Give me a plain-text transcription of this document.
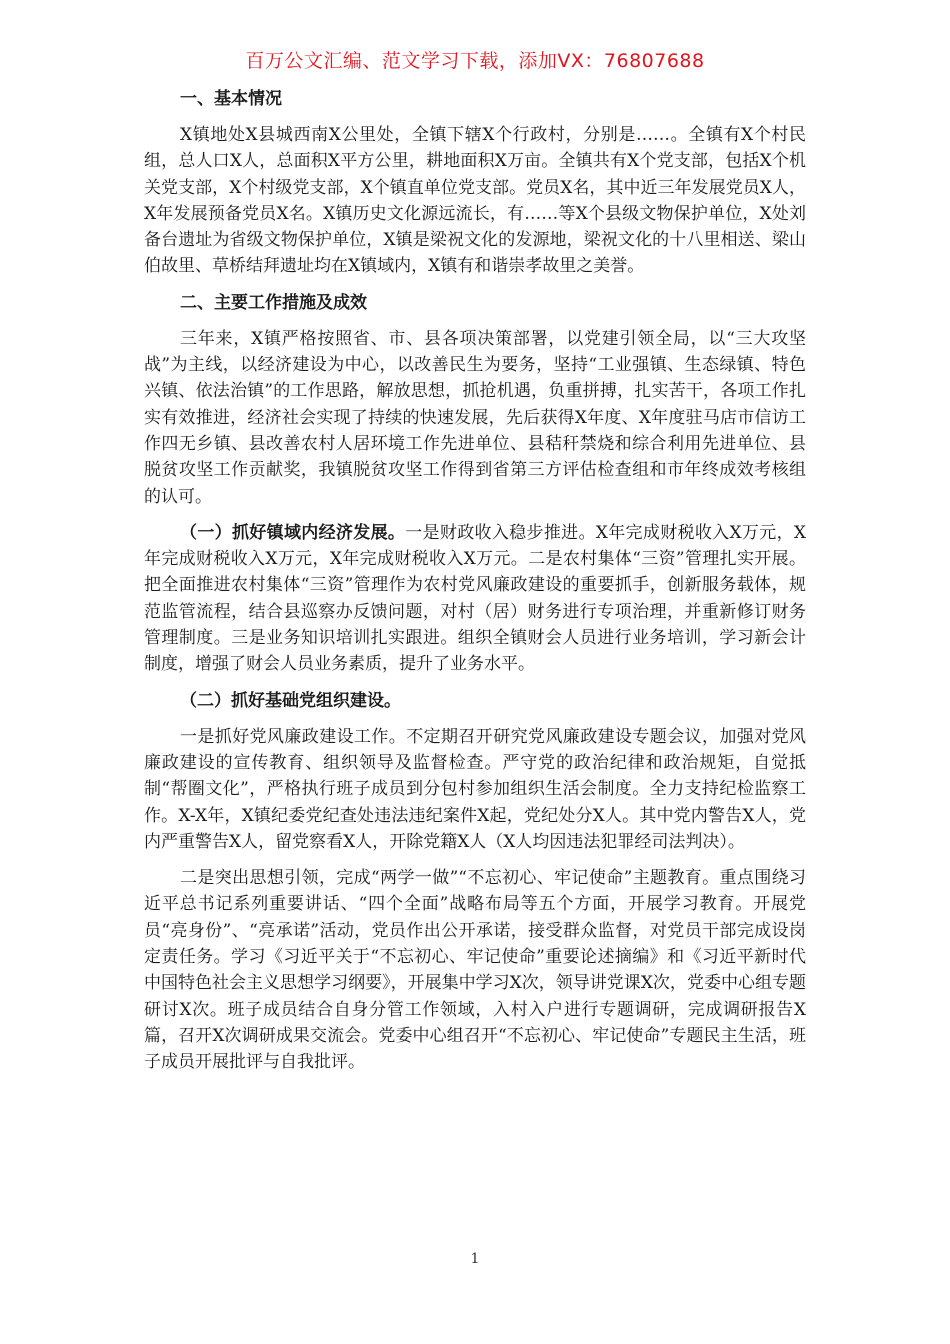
百万公文汇编、范文学习下载，添加VX：76807688

一、基本情况

X镇地处X县城西南X公里处，全镇下辖X个行政村，分别是……。全镇有X个村民组，总人口X人，总面积X平方公里，耕地面积X万亩。全镇共有X个党支部，包括X个机关党支部，X个村级党支部，X个镇直单位党支部。党员X名，其中近三年发展党员X人，X年发展预备党员X名。X镇历史文化源远流长，有……等X个县级文物保护单位，X处刘备台遗址为省级文物保护单位，X镇是梁祝文化的发源地，梁祝文化的十八里相送、梁山伯故里、草桥结拜遗址均在X镇域内，X镇有和谐崇孝故里之美誉。

二、主要工作措施及成效

三年来，X镇严格按照省、市、县各项决策部署，以党建引领全局，以“三大攻坚战”为主线，以经济建设为中心，以改善民生为要务，坚持“工业强镇、生态绿镇、特色兴镇、依法治镇”的工作思路，解放思想，抓抢机遇，负重拼搏，扎实苦干，各项工作扎实有效推进，经济社会实现了持续的快速发展，先后获得X年度、X年度驻马店市信访工作四无乡镇、县改善农村人居环境工作先进单位、县秸秆禁烧和综合利用先进单位、县脱贫攻坚工作贡献奖，我镇脱贫攻坚工作得到省第三方评估检查组和市年终成效考核组的认可。

（一）抓好镇域内经济发展。一是财政收入稳步推进。X年完成财税收入X万元，X年完成财税收入X万元，X年完成财税收入X万元。二是农村集体“三资”管理扎实开展。把全面推进农村集体“三资”管理作为农村党风廉政建设的重要抓手，创新服务载体，规范监管流程，结合县巡察办反馈问题，对村（居）财务进行专项治理，并重新修订财务管理制度。三是业务知识培训扎实跟进。组织全镇财会人员进行业务培训，学习新会计制度，增强了财会人员业务素质，提升了业务水平。

（二）抓好基础党组织建设。

一是抓好党风廉政建设工作。不定期召开研究党风廉政建设专题会议，加强对党风廉政建设的宣传教育、组织领导及监督检查。严守党的政治纪律和政治规矩，自觉抵制“帮圈文化”，严格执行班子成员到分包村参加组织生活会制度。全力支持纪检监察工作。X-X年，X镇纪委党纪查处违法违纪案件X起，党纪处分X人。其中党内警告X人，党内严重警告X人，留党察看X人，开除党籍X人（X人均因违法犯罪经司法判决）。

二是突出思想引领，完成“两学一做”“不忘初心、牢记使命”主题教育。重点围绕习近平总书记系列重要讲话、“四个全面”战略布局等五个方面，开展学习教育。开展党员“亮身份”、“亮承诺”活动，党员作出公开承诺，接受群众监督，对党员干部完成设岗定责任务。学习《习近平关于“不忘初心、牢记使命”重要论述摘编》和《习近平新时代中国特色社会主义思想学习纲要》，开展集中学习X次，领导讲党课X次，党委中心组专题研讨X次。班子成员结合自身分管工作领域，入村入户进行专题调研，完成调研报告X篇，召开X次调研成果交流会。党委中心组召开“不忘初心、牢记使命”专题民主生活，班子成员开展批评与自我批评。

1
